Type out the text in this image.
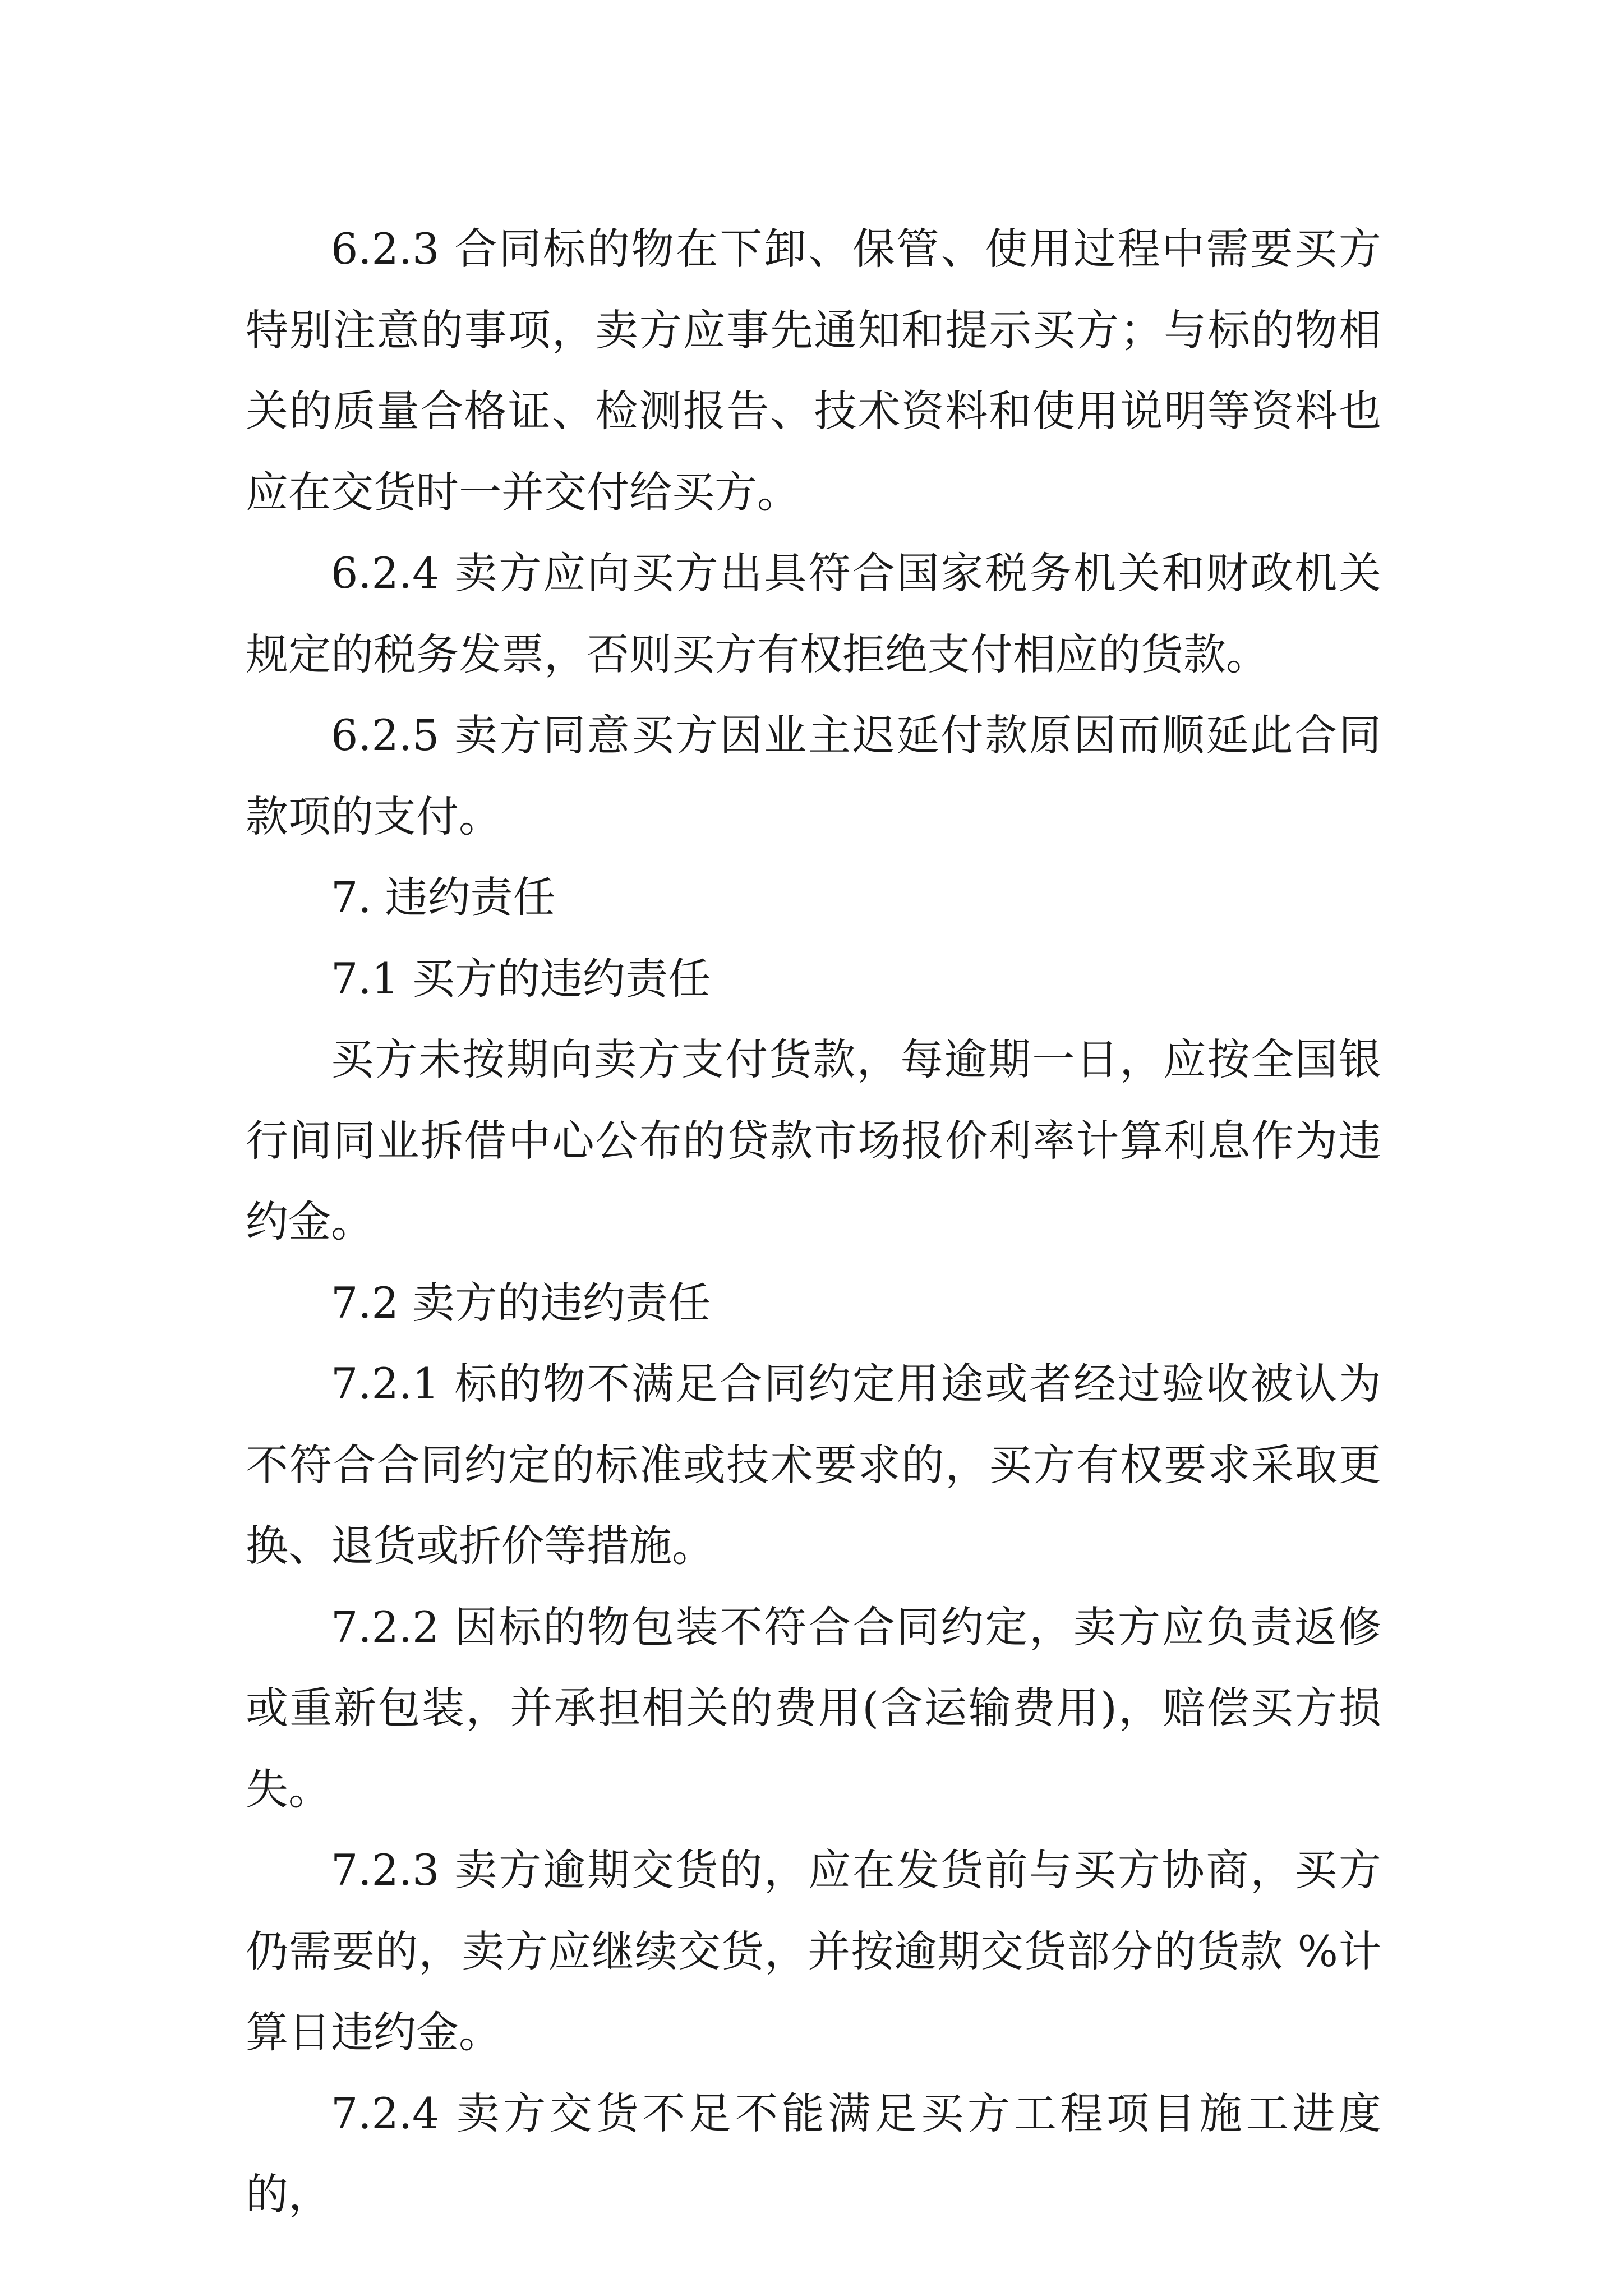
6.2.3 合同标的物在下卸、保管、使用过程中需要买方特别注意的事项，卖方应事先通知和提示买方；与标的物相关的质量合格证、检测报告、技术资料和使用说明等资料也应在交货时一并交付给买方。

6.2.4 卖方应向买方出具符合国家税务机关和财政机关规定的税务发票，否则买方有权拒绝支付相应的货款。

6.2.5 卖方同意买方因业主迟延付款原因而顺延此合同款项的支付。

7. 违约责任

7.1 买方的违约责任

买方未按期向卖方支付货款，每逾期一日，应按全国银行间同业拆借中心公布的贷款市场报价利率计算利息作为违约金。

7.2 卖方的违约责任

7.2.1 标的物不满足合同约定用途或者经过验收被认为不符合合同约定的标准或技术要求的，买方有权要求采取更换、退货或折价等措施。

7.2.2 因标的物包装不符合合同约定，卖方应负责返修或重新包装，并承担相关的费用(含运输费用)，赔偿买方损失。

7.2.3 卖方逾期交货的，应在发货前与买方协商，买方仍需要的，卖方应继续交货，并按逾期交货部分的货款 %计算日违约金。

7.2.4 卖方交货不足不能满足买方工程项目施工进度的，
